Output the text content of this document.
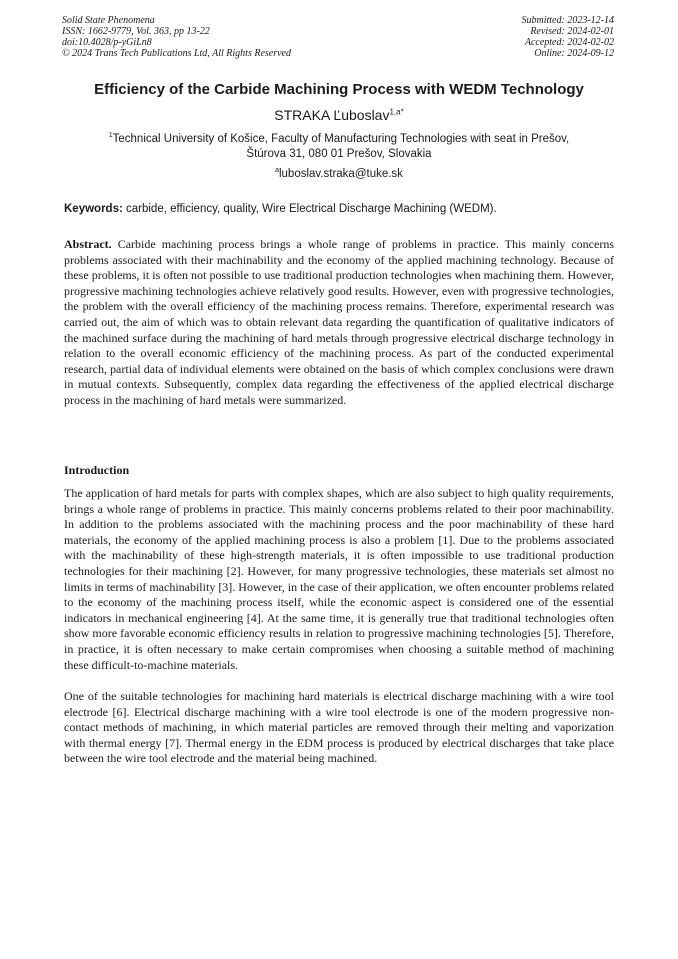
Solid State Phenomena
ISSN: 1662-9779, Vol. 363, pp 13-22
doi:10.4028/p-yGiLn8
© 2024 Trans Tech Publications Ltd, All Rights Reserved
Submitted: 2023-12-14
Revised: 2024-02-01
Accepted: 2024-02-02
Online: 2024-09-12
Efficiency of the Carbide Machining Process with WEDM Technology
STRAKA Ľuboslav$^{1,a*}$
$^1$Technical University of Košice, Faculty of Manufacturing Technologies with seat in Prešov,
Štúrova 31, 080 01 Prešov, Slovakia
$^a$luboslav.straka@tuke.sk
Keywords: carbide, efficiency, quality, Wire Electrical Discharge Machining (WEDM).

Abstract. Carbide machining process brings a whole range of problems in practice. This mainly concerns problems associated with their machinability and the economy of the applied machining technology. Because of these problems, it is often not possible to use traditional production technologies when machining them. However, progressive machining technologies achieve relatively good results. However, even with progressive technologies, the problem with the overall efficiency of the machining process remains. Therefore, experimental research was carried out, the aim of which was to obtain relevant data regarding the quantification of qualitative indicators of the machined surface during the machining of hard metals through progressive electrical discharge technology in relation to the overall economic efficiency of the machining process. As part of the conducted experimental research, partial data of individual elements were obtained on the basis of which complex conclusions were drawn in mutual contexts. Subsequently, complex data regarding the effectiveness of the applied electrical discharge process in the machining of hard metals were summarized.

Introduction

The application of hard metals for parts with complex shapes, which are also subject to high quality requirements, brings a whole range of problems in practice. This mainly concerns problems related to their poor machinability. In addition to the problems associated with the machining process and the poor machinability of these hard materials, the economy of the applied machining process is also a problem [1]. Due to the problems associated with the machinability of these high-strength materials, it is often impossible to use traditional production technologies for their machining [2]. However, for many progressive technologies, these materials set almost no limits in terms of machinability [3]. However, in the case of their application, we often encounter problems related to the economy of the machining process itself, while the economic aspect is considered one of the essential indicators in mechanical engineering [4]. At the same time, it is generally true that traditional technologies often show more favorable economic efficiency results in relation to progressive machining technologies [5]. Therefore, in practice, it is often necessary to make certain compromises when choosing a suitable method of machining these difficult-to-machine materials.

One of the suitable technologies for machining hard materials is electrical discharge machining with a wire tool electrode [6]. Electrical discharge machining with a wire tool electrode is one of the modern progressive non-contact methods of machining, in which material particles are removed through their melting and vaporization with thermal energy [7]. Thermal energy in the EDM process is produced by electrical discharges that take place between the wire tool electrode and the material being machined.
